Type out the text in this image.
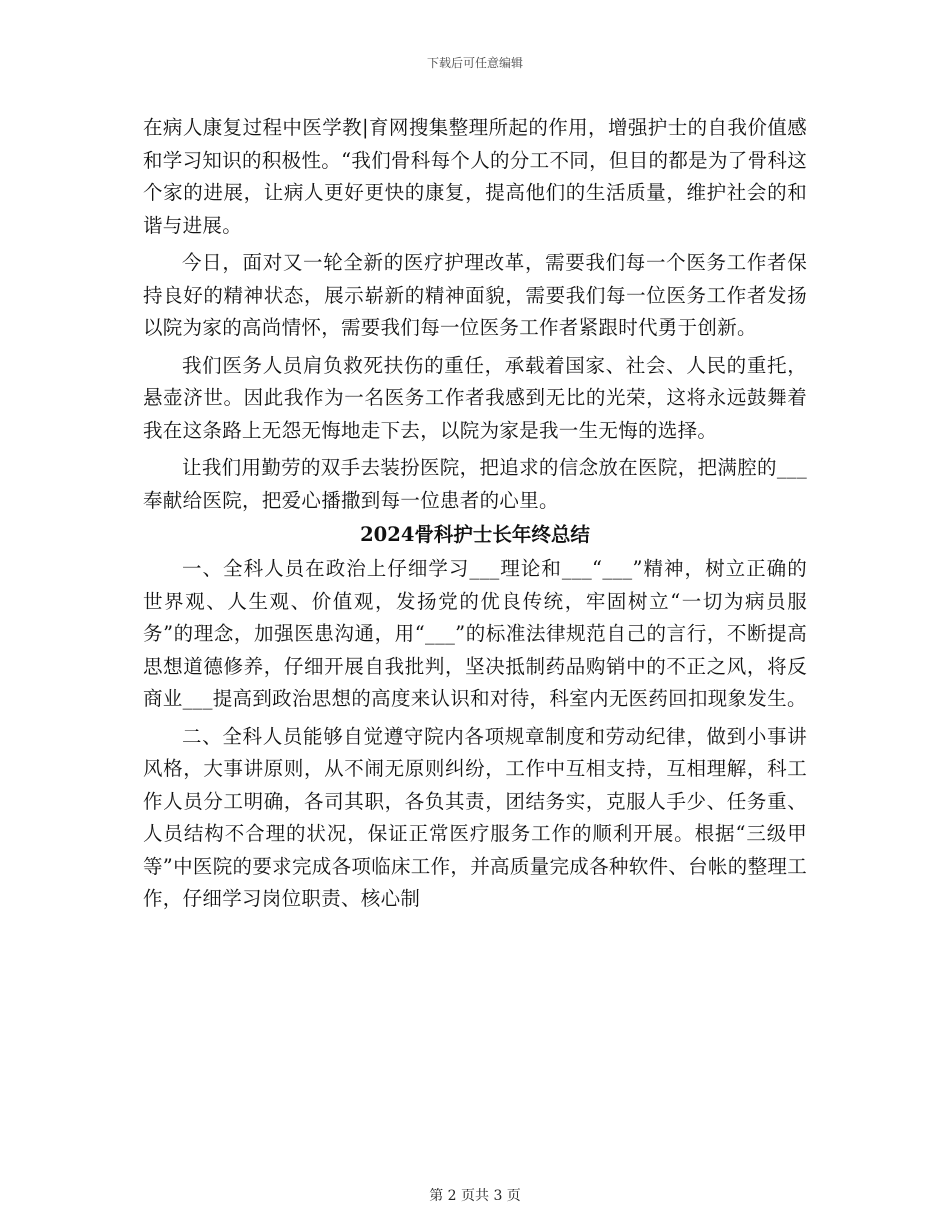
下载后可任意编辑

在病人康复过程中医学教|育网搜集整理所起的作用，增强护士的自我价值感和学习知识的积极性。“我们骨科每个人的分工不同，但目的都是为了骨科这个家的进展，让病人更好更快的康复，提高他们的生活质量，维护社会的和谐与进展。

今日，面对又一轮全新的医疗护理改革，需要我们每一个医务工作者保持良好的精神状态，展示崭新的精神面貌，需要我们每一位医务工作者发扬以院为家的高尚情怀，需要我们每一位医务工作者紧跟时代勇于创新。

我们医务人员肩负救死扶伤的重任，承载着国家、社会、人民的重托，悬壶济世。因此我作为一名医务工作者我感到无比的光荣，这将永远鼓舞着我在这条路上无怨无悔地走下去，以院为家是我一生无悔的选择。

让我们用勤劳的双手去装扮医院，把追求的信念放在医院，把满腔的___奉献给医院，把爱心播撒到每一位患者的心里。

2024骨科护士长年终总结

一、全科人员在政治上仔细学习___理论和___“___”精神，树立正确的世界观、人生观、价值观，发扬党的优良传统，牢固树立“一切为病员服务”的理念，加强医患沟通，用“___”的标准法律规范自己的言行，不断提高思想道德修养，仔细开展自我批判，坚决抵制药品购销中的不正之风，将反商业___提高到政治思想的高度来认识和对待，科室内无医药回扣现象发生。

二、全科人员能够自觉遵守院内各项规章制度和劳动纪律，做到小事讲风格，大事讲原则，从不闹无原则纠纷，工作中互相支持，互相理解，科工作人员分工明确，各司其职，各负其责，团结务实，克服人手少、任务重、人员结构不合理的状况，保证正常医疗服务工作的顺利开展。根据“三级甲等”中医院的要求完成各项临床工作，并高质量完成各种软件、台帐的整理工作，仔细学习岗位职责、核心制

第 2 页共 3 页
